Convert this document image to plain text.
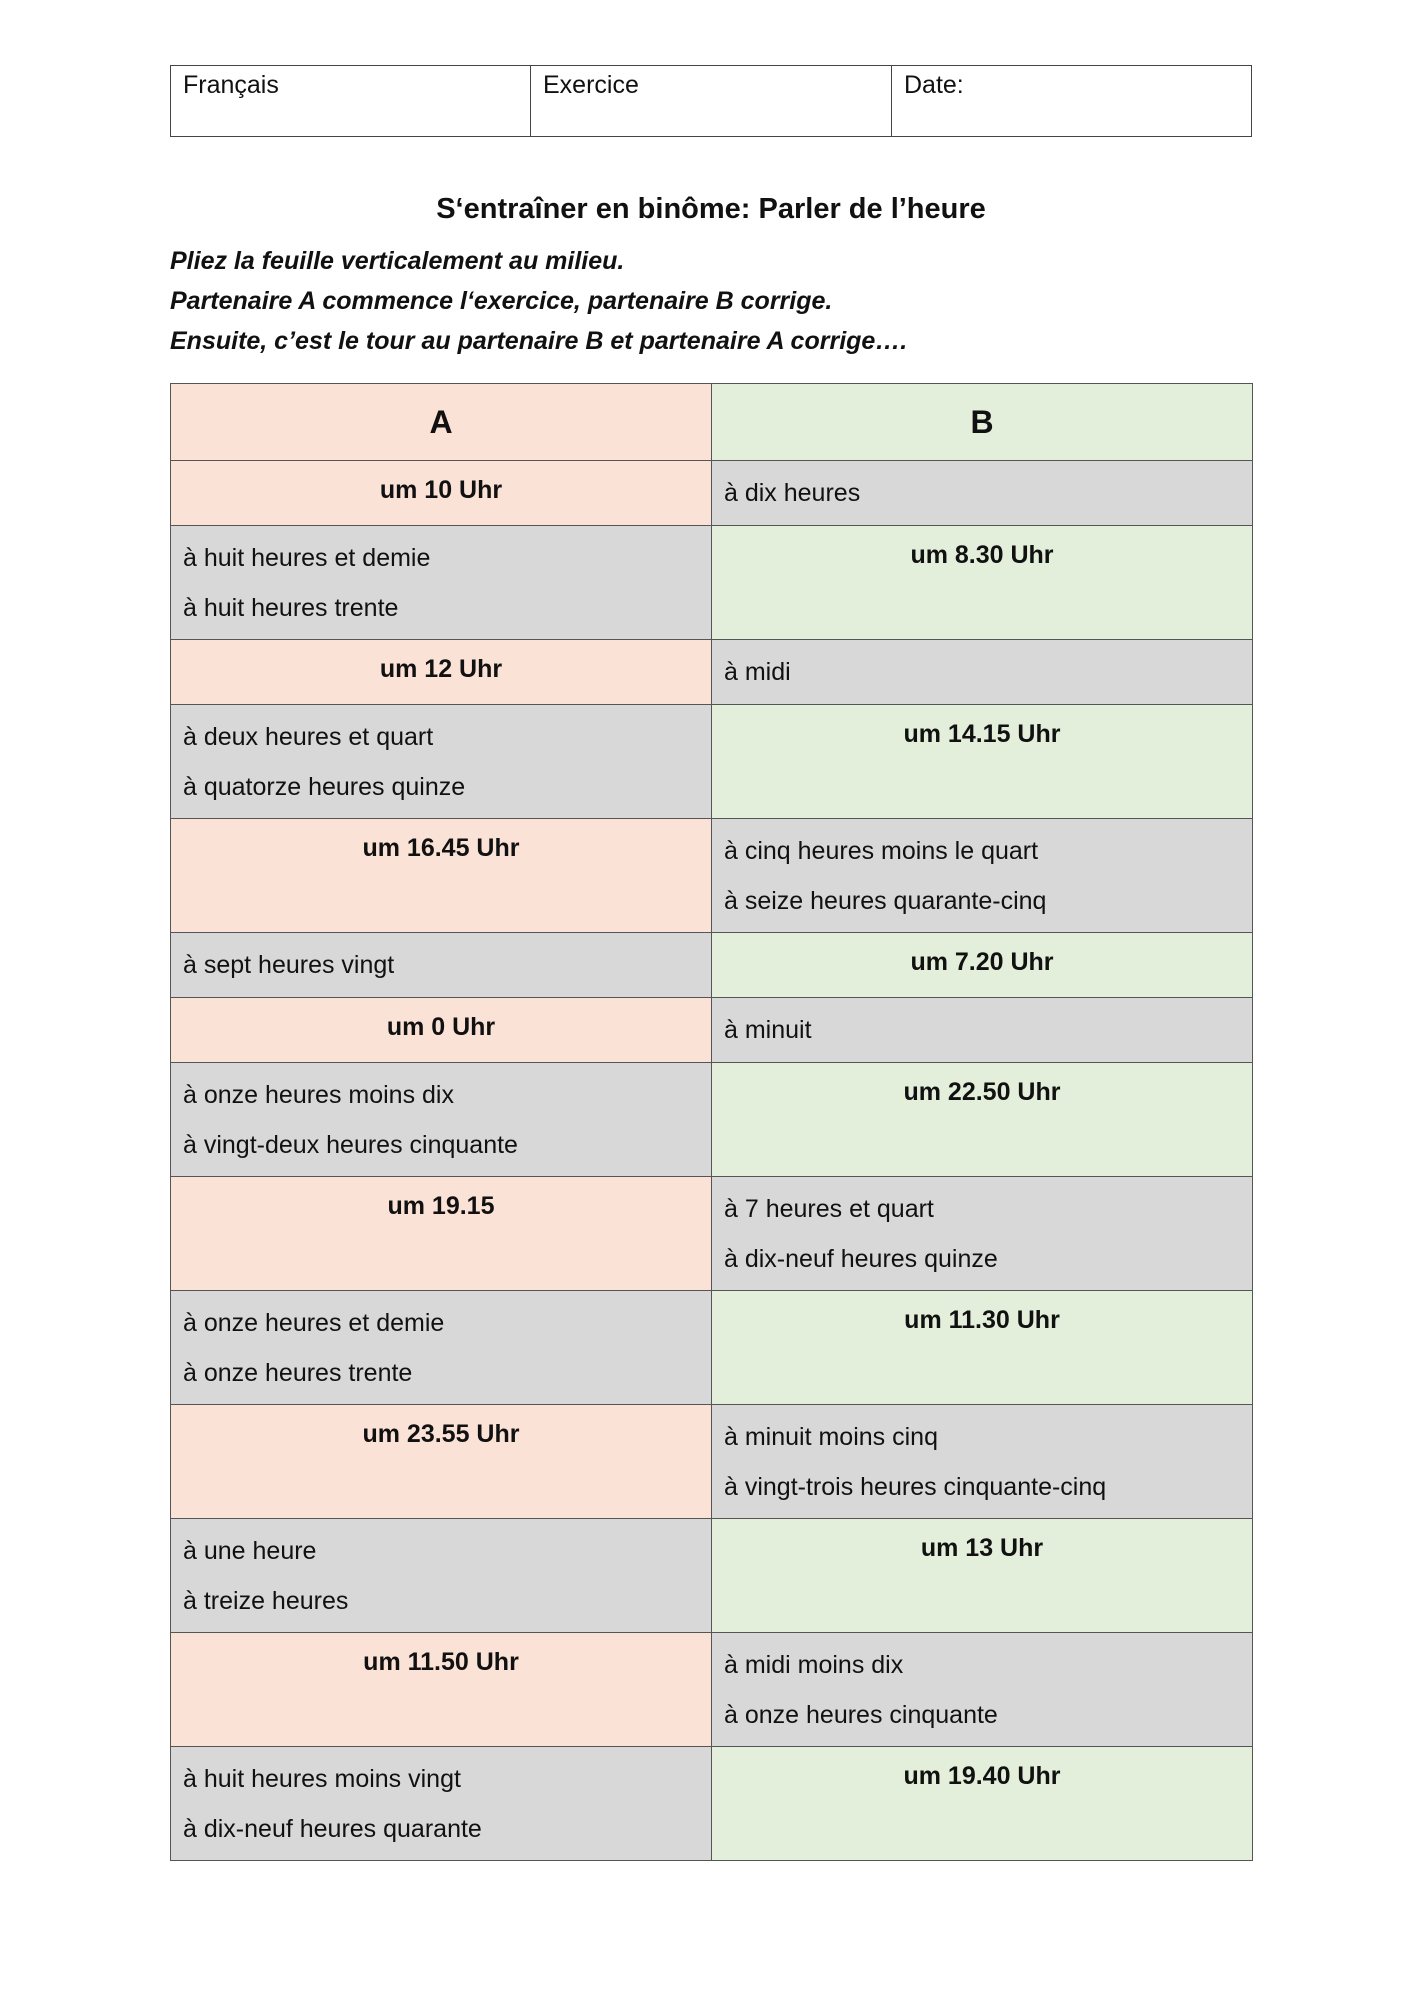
Français	Exercice	Date:
S‘entraîner en binôme: Parler de l’heure
Pliez la feuille verticalement au milieu.
Partenaire A commence l‘exercice, partenaire B corrige.
Ensuite, c’est le tour au partenaire B et partenaire A corrige….
A	B
um 10 Uhr	à dix heures

à huit heures et demie
à huit heures trente	um 8.30 Uhr
um 12 Uhr	à midi

à deux heures et quart
à quatorze heures quinze	um 14.15 Uhr
um 16.45 Uhr	à cinq heures moins le quart
à seize heures quarante-cinq

à sept heures vingt	um 7.20 Uhr
um 0 Uhr	à minuit

à onze heures moins dix
à vingt-deux heures cinquante	um 22.50 Uhr
um 19.15	à 7 heures et quart
à dix-neuf heures quinze

à onze heures et demie
à onze heures trente	um 11.30 Uhr
um 23.55 Uhr	à minuit moins cinq
à vingt-trois heures cinquante-cinq

à une heure
à treize heures	um 13 Uhr
um 11.50 Uhr	à midi moins dix
à onze heures cinquante

à huit heures moins vingt
à dix-neuf heures quarante	um 19.40 Uhr
